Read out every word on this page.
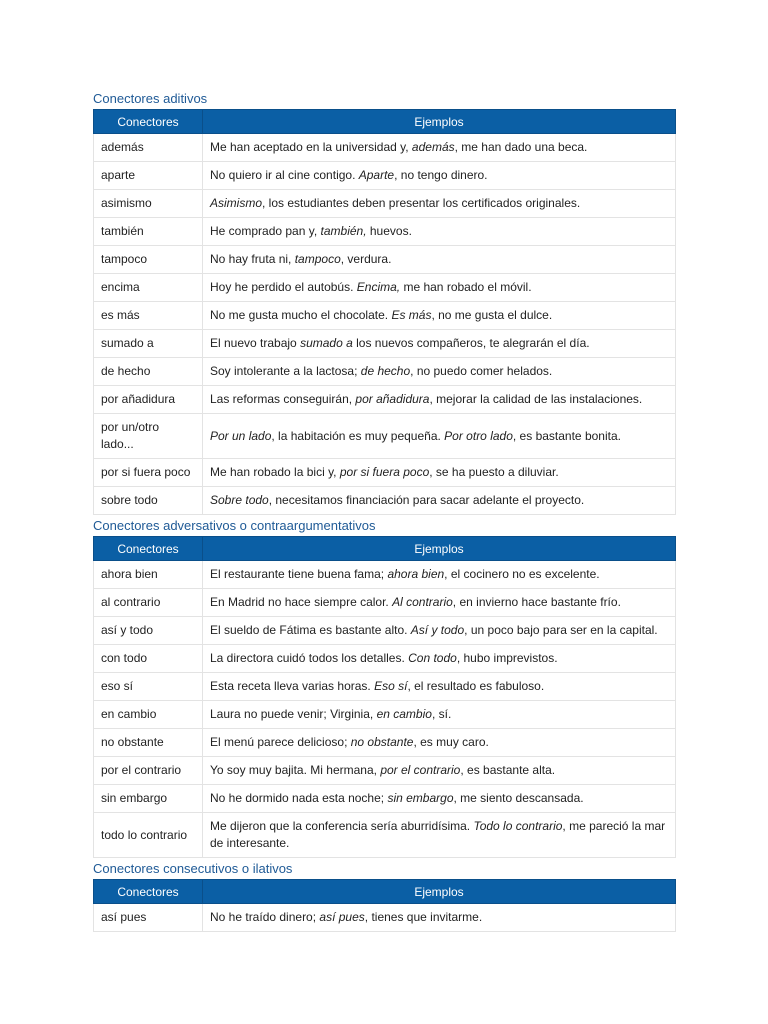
Conectores aditivos
Conectores	Ejemplos
además	Me han aceptado en la universidad y, además, me han dado una beca.
aparte	No quiero ir al cine contigo. Aparte, no tengo dinero.
asimismo	Asimismo, los estudiantes deben presentar los certificados originales.
también	He comprado pan y, también, huevos.
tampoco	No hay fruta ni, tampoco, verdura.
encima	Hoy he perdido el autobús. Encima, me han robado el móvil.
es más	No me gusta mucho el chocolate. Es más, no me gusta el dulce.
sumado a	El nuevo trabajo sumado a los nuevos compañeros, te alegrarán el día.
de hecho	Soy intolerante a la lactosa; de hecho, no puedo comer helados.
por añadidura	Las reformas conseguirán, por añadidura, mejorar la calidad de las instalaciones.
por un/otro lado...	Por un lado, la habitación es muy pequeña. Por otro lado, es bastante bonita.
por si fuera poco	Me han robado la bici y, por si fuera poco, se ha puesto a diluviar.
sobre todo	Sobre todo, necesitamos financiación para sacar adelante el proyecto.
Conectores adversativos o contraargumentativos
Conectores	Ejemplos
ahora bien	El restaurante tiene buena fama; ahora bien, el cocinero no es excelente.
al contrario	En Madrid no hace siempre calor. Al contrario, en invierno hace bastante frío.
así y todo	El sueldo de Fátima es bastante alto. Así y todo, un poco bajo para ser en la capital.
con todo	La directora cuidó todos los detalles. Con todo, hubo imprevistos.
eso sí	Esta receta lleva varias horas. Eso sí, el resultado es fabuloso.
en cambio	Laura no puede venir; Virginia, en cambio, sí.
no obstante	El menú parece delicioso; no obstante, es muy caro.
por el contrario	Yo soy muy bajita. Mi hermana, por el contrario, es bastante alta.
sin embargo	No he dormido nada esta noche; sin embargo, me siento descansada.
todo lo contrario	Me dijeron que la conferencia sería aburridísima. Todo lo contrario, me pareció la mar de interesante.
Conectores consecutivos o ilativos
Conectores	Ejemplos
así pues	No he traído dinero; así pues, tienes que invitarme.
